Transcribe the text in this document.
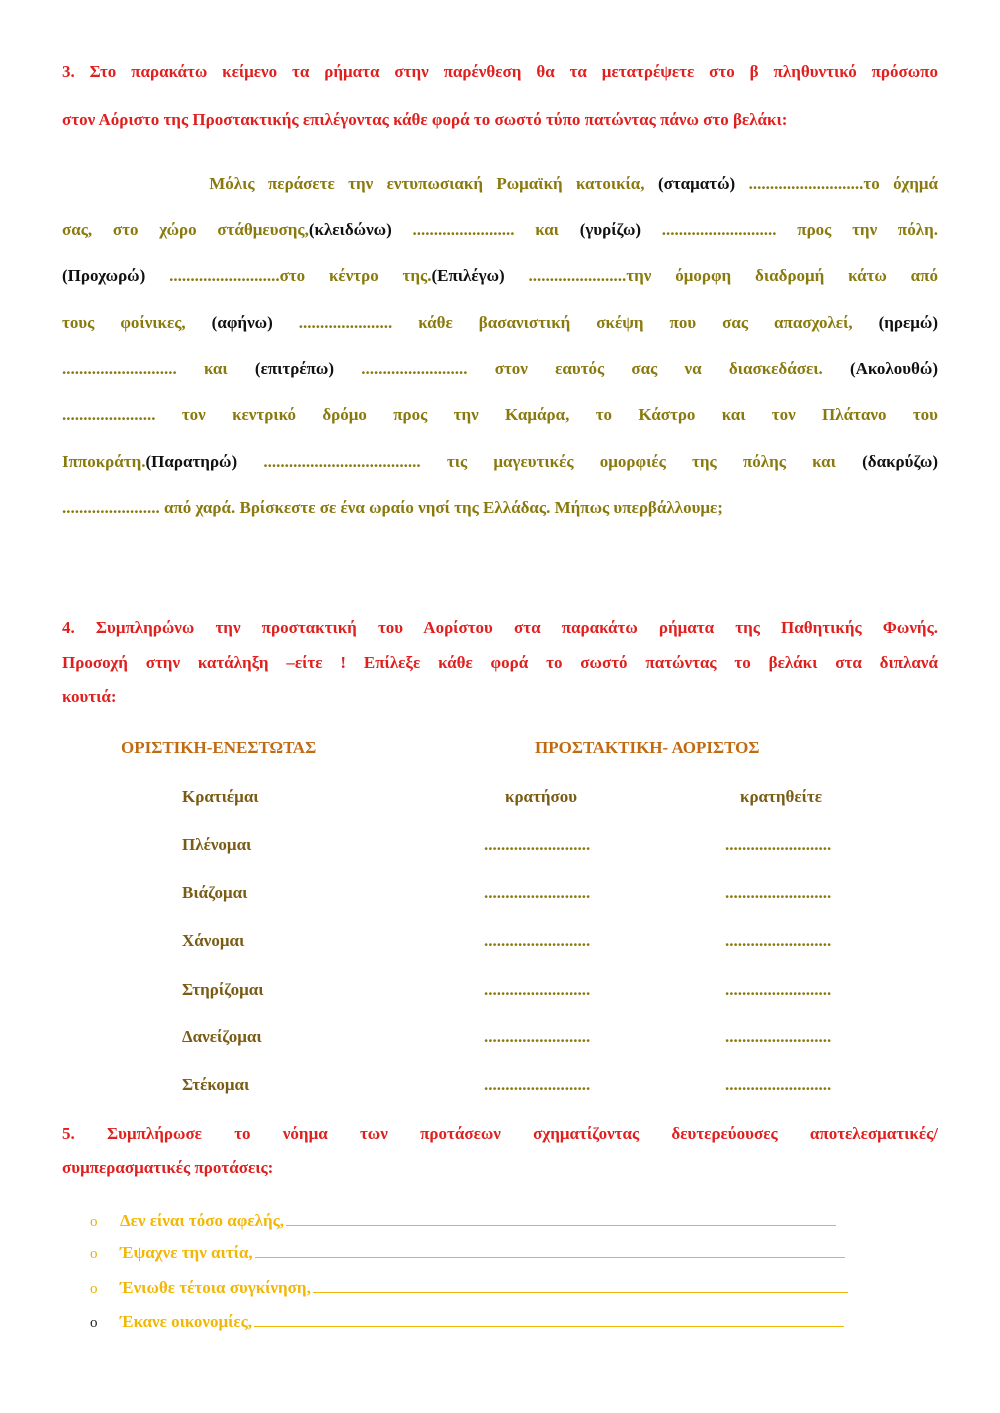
3. Στο παρακάτω κείμενο τα ρήματα στην παρένθεση θα τα μετατρέψετε στο β πληθυντικό πρόσωπο
στον Αόριστο της Προστακτικής επιλέγοντας κάθε φορά το σωστό τύπο πατώντας πάνω στο βελάκι:
Μόλις περάσετε την εντυπωσιακή Ρωμαϊκή κατοικία, (σταματώ) ...........................το όχημά
σας, στο χώρο στάθμευσης,(κλειδώνω) ........................ και (γυρίζω) ........................... προς την πόλη.
(Προχωρώ) ..........................στο κέντρο της.(Επιλέγω) .......................την όμορφη διαδρομή κάτω από
τους φοίνικες, (αφήνω) ...................... κάθε βασανιστική σκέψη που σας απασχολεί, (ηρεμώ)
........................... και (επιτρέπω) ......................... στον εαυτός σας να διασκεδάσει. (Ακολουθώ)
...................... τον κεντρικό δρόμο προς την Καμάρα, το Κάστρο και τον Πλάτανο του
Ιπποκράτη.(Παρατηρώ) ..................................... τις μαγευτικές ομορφιές της πόλης και (δακρύζω)
....................... από χαρά. Βρίσκεστε σε ένα ωραίο νησί της Ελλάδας. Μήπως υπερβάλλουμε;
4. Συμπληρώνω την προστακτική του Αορίστου στα παρακάτω ρήματα της Παθητικής Φωνής.
Προσοχή στην κατάληξη –είτε ! Επίλεξε κάθε φορά το σωστό πατώντας το βελάκι στα διπλανά
κουτιά:
ΟΡΙΣΤΙΚΗ-ΕΝΕΣΤΩΤΑΣ	ΠΡΟΣΤΑΚΤΙΚΗ- ΑΟΡΙΣΤΟΣ
Κρατιέμαι	κρατήσου	κρατηθείτε
Πλένομαι	.........................	.........................
Βιάζομαι	.........................	.........................
Χάνομαι	.........................	.........................
Στηρίζομαι	.........................	.........................
Δανείζομαι	.........................	.........................
Στέκομαι	.........................	.........................
5. Συμπλήρωσε το νόημα των προτάσεων σχηματίζοντας δευτερεύουσες αποτελεσματικές/
συμπερασματικές προτάσεις:
o	Δεν είναι τόσο αφελής,
o	Έψαχνε την αιτία,
o	Ένιωθε τέτοια συγκίνηση,
o	Έκανε οικονομίες,
